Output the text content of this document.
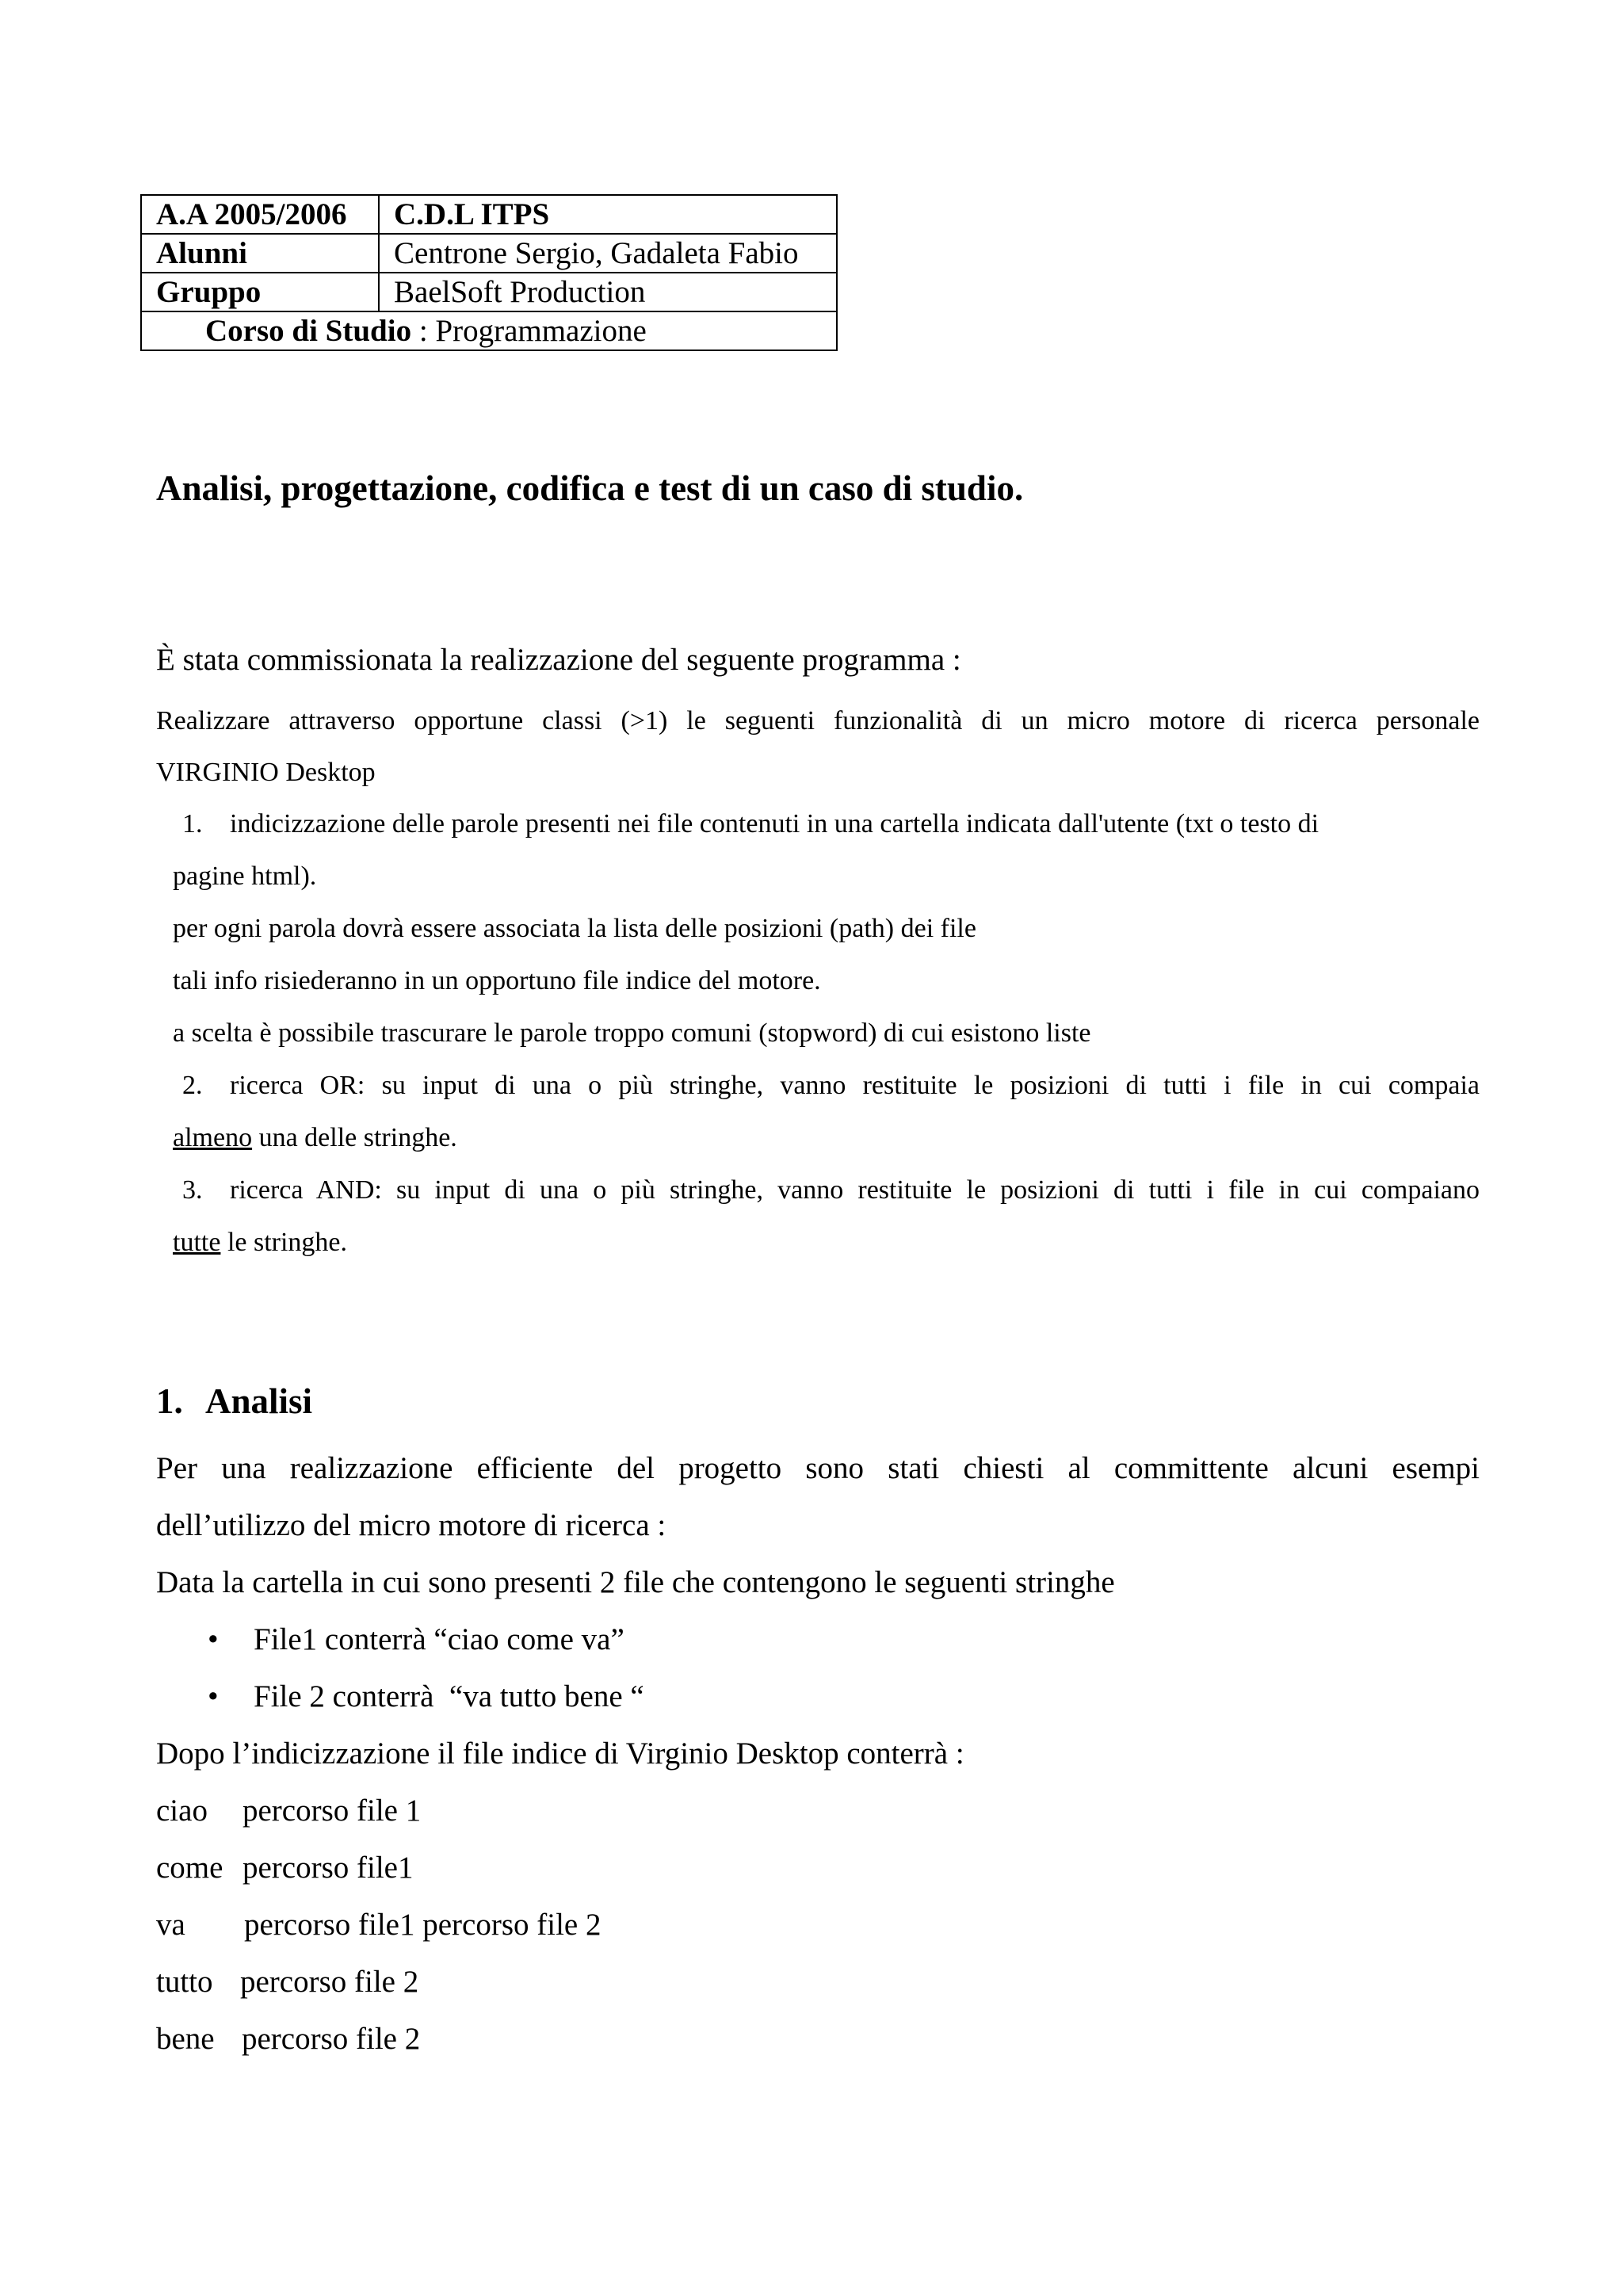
A.A 2005/2006	C.D.L ITPS
Alunni	Centrone Sergio, Gadaleta Fabio
Gruppo	BaelSoft Production
Corso di Studio : Programmazione	
Analisi, progettazione, codifica e test di un caso di studio.

È stata commissionata la realizzazione del seguente programma :

Realizzare attraverso opportune classi (>1) le seguenti funzionalità di un micro motore di ricerca personale

VIRGINIO Desktop

1. indicizzazione delle parole presenti nei file contenuti in una cartella indicata dall'utente (txt o testo di

pagine html).

per ogni parola dovrà essere associata la lista delle posizioni (path) dei file

tali info risiederanno in un opportuno file indice del motore.

a scelta è possibile trascurare le parole troppo comuni (stopword) di cui esistono liste

2. ricerca OR: su input di una o più stringhe, vanno restituite le posizioni di tutti i file in cui compaia

almeno una delle stringhe.

3. ricerca AND: su input di una o più stringhe, vanno restituite le posizioni di tutti i file in cui compaiano

tutte le stringhe.

1. Analisi

Per una realizzazione efficiente del progetto sono stati chiesti al committente alcuni esempi

dell’utilizzo del micro motore di ricerca :

Data la cartella in cui sono presenti 2 file che contengono le seguenti stringhe

• File1 conterrà “ciao come va”
• File 2 conterrà  “va tutto bene “

Dopo l’indicizzazione il file indice di Virginio Desktop conterrà :

ciao percorso file 1
come percorso file1
va percorso file1 percorso file 2
tutto percorso file 2
bene percorso file 2
